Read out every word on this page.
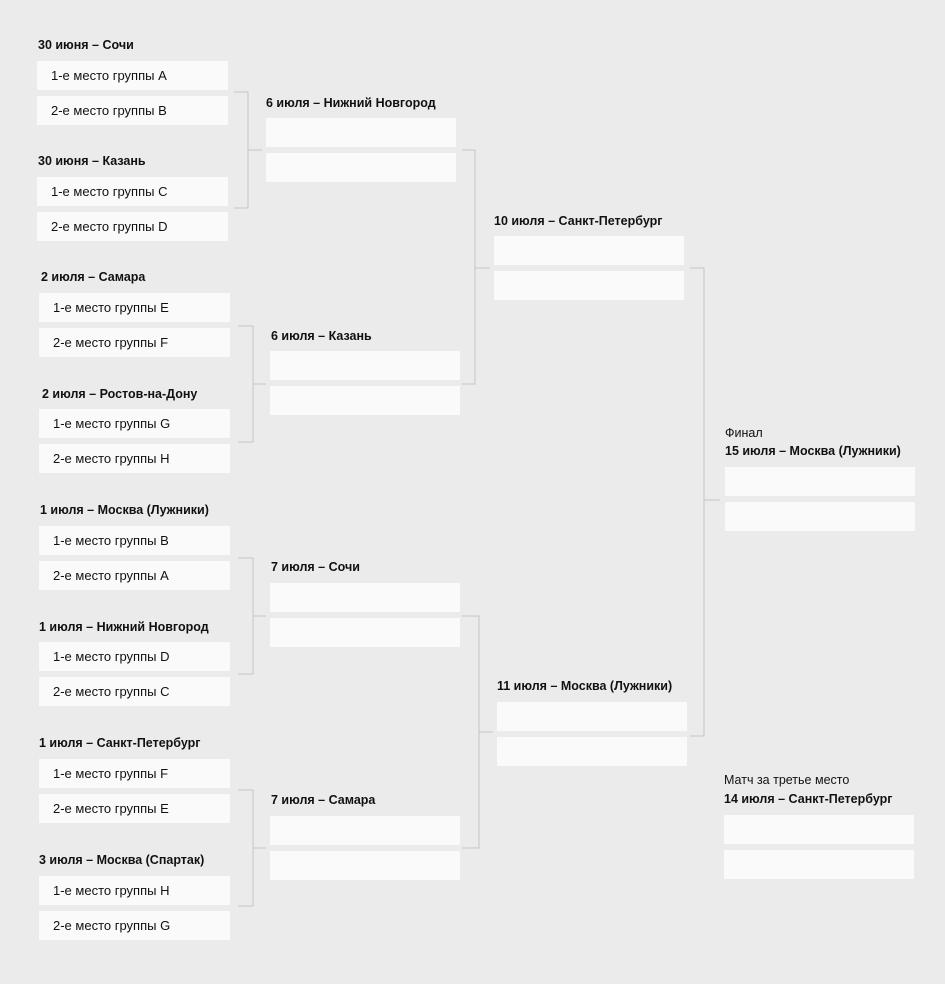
30 июня – Сочи
1-е место группы A
2-е место группы B
30 июня – Казань
1-е место группы C
2-е место группы D
2 июля – Самара
1-е место группы E
2-е место группы F
2 июля – Ростов-на-Дону
1-е место группы G
2-е место группы H
1 июля – Москва (Лужники)
1-е место группы B
2-е место группы A
1 июля – Нижний Новгород
1-е место группы D
2-е место группы C
1 июля – Санкт-Петербург
1-е место группы F
2-е место группы E
3 июля – Москва (Спартак)
1-е место группы H
2-е место группы G
6 июля – Нижний Новгород
6 июля – Казань
7 июля – Сочи
7 июля – Самара
10 июля – Санкт-Петербург
11 июля – Москва (Лужники)
Финал
15 июля – Москва (Лужники)
Матч за третье место
14 июля – Санкт-Петербург
